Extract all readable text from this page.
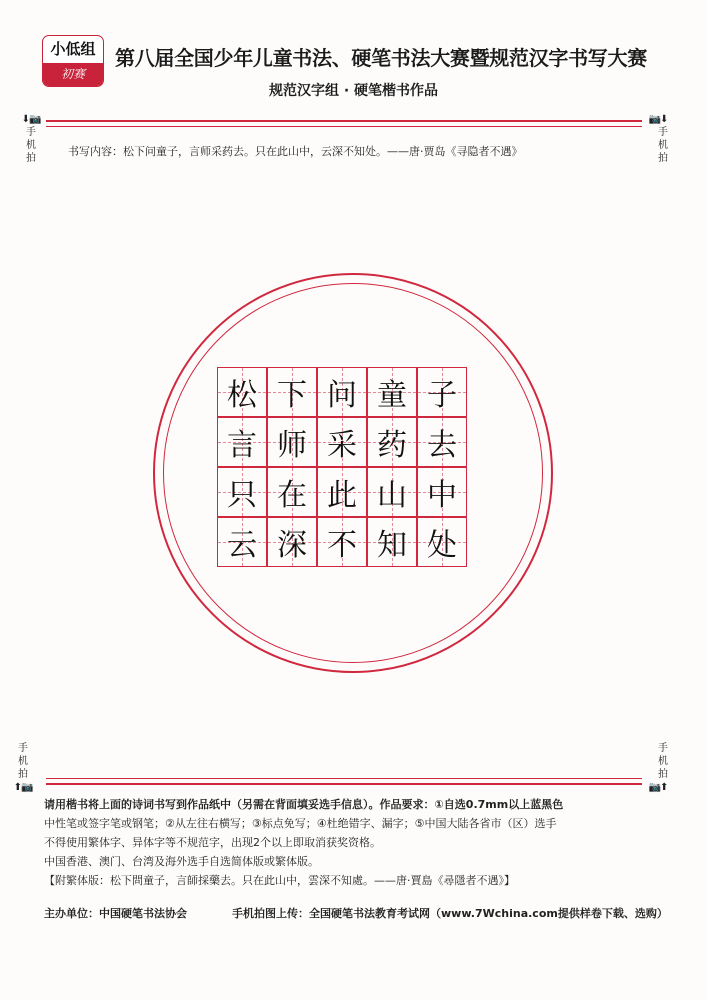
小低组
初赛
第八届全国少年儿童书法、硬笔书法大赛暨规范汉字书写大赛
规范汉字组 · 硬笔楷书作品
⬇📷
手机拍
📷⬇
手机拍
书写内容：松下问童子，言师采药去。只在此山中，云深不知处。——唐·贾岛《寻隐者不遇》
松 下 问 童 子
言 师 采 药 去
只 在 此 山 中
云 深 不 知 处
手机拍
⬆📷
手机拍
📷⬆

请用楷书将上面的诗词书写到作品纸中（另需在背面填妥选手信息）。作品要求：①自选0.7mm以上蓝黑色

中性笔或签字笔或钢笔；②从左往右横写；③标点免写；④杜绝错字、漏字；⑤中国大陆各省市（区）选手

不得使用繁体字、异体字等不规范字，出现2个以上即取消获奖资格。

中国香港、澳门、台湾及海外选手自选简体版或繁体版。

【附繁体版：松下問童子，言師採藥去。只在此山中，雲深不知處。——唐·賈島《尋隱者不遇》】

主办单位：中国硬笔书法协会	手机拍图上传：全国硬笔书法教育考试网（www.7Wchina.com提供样卷下载、选购）
